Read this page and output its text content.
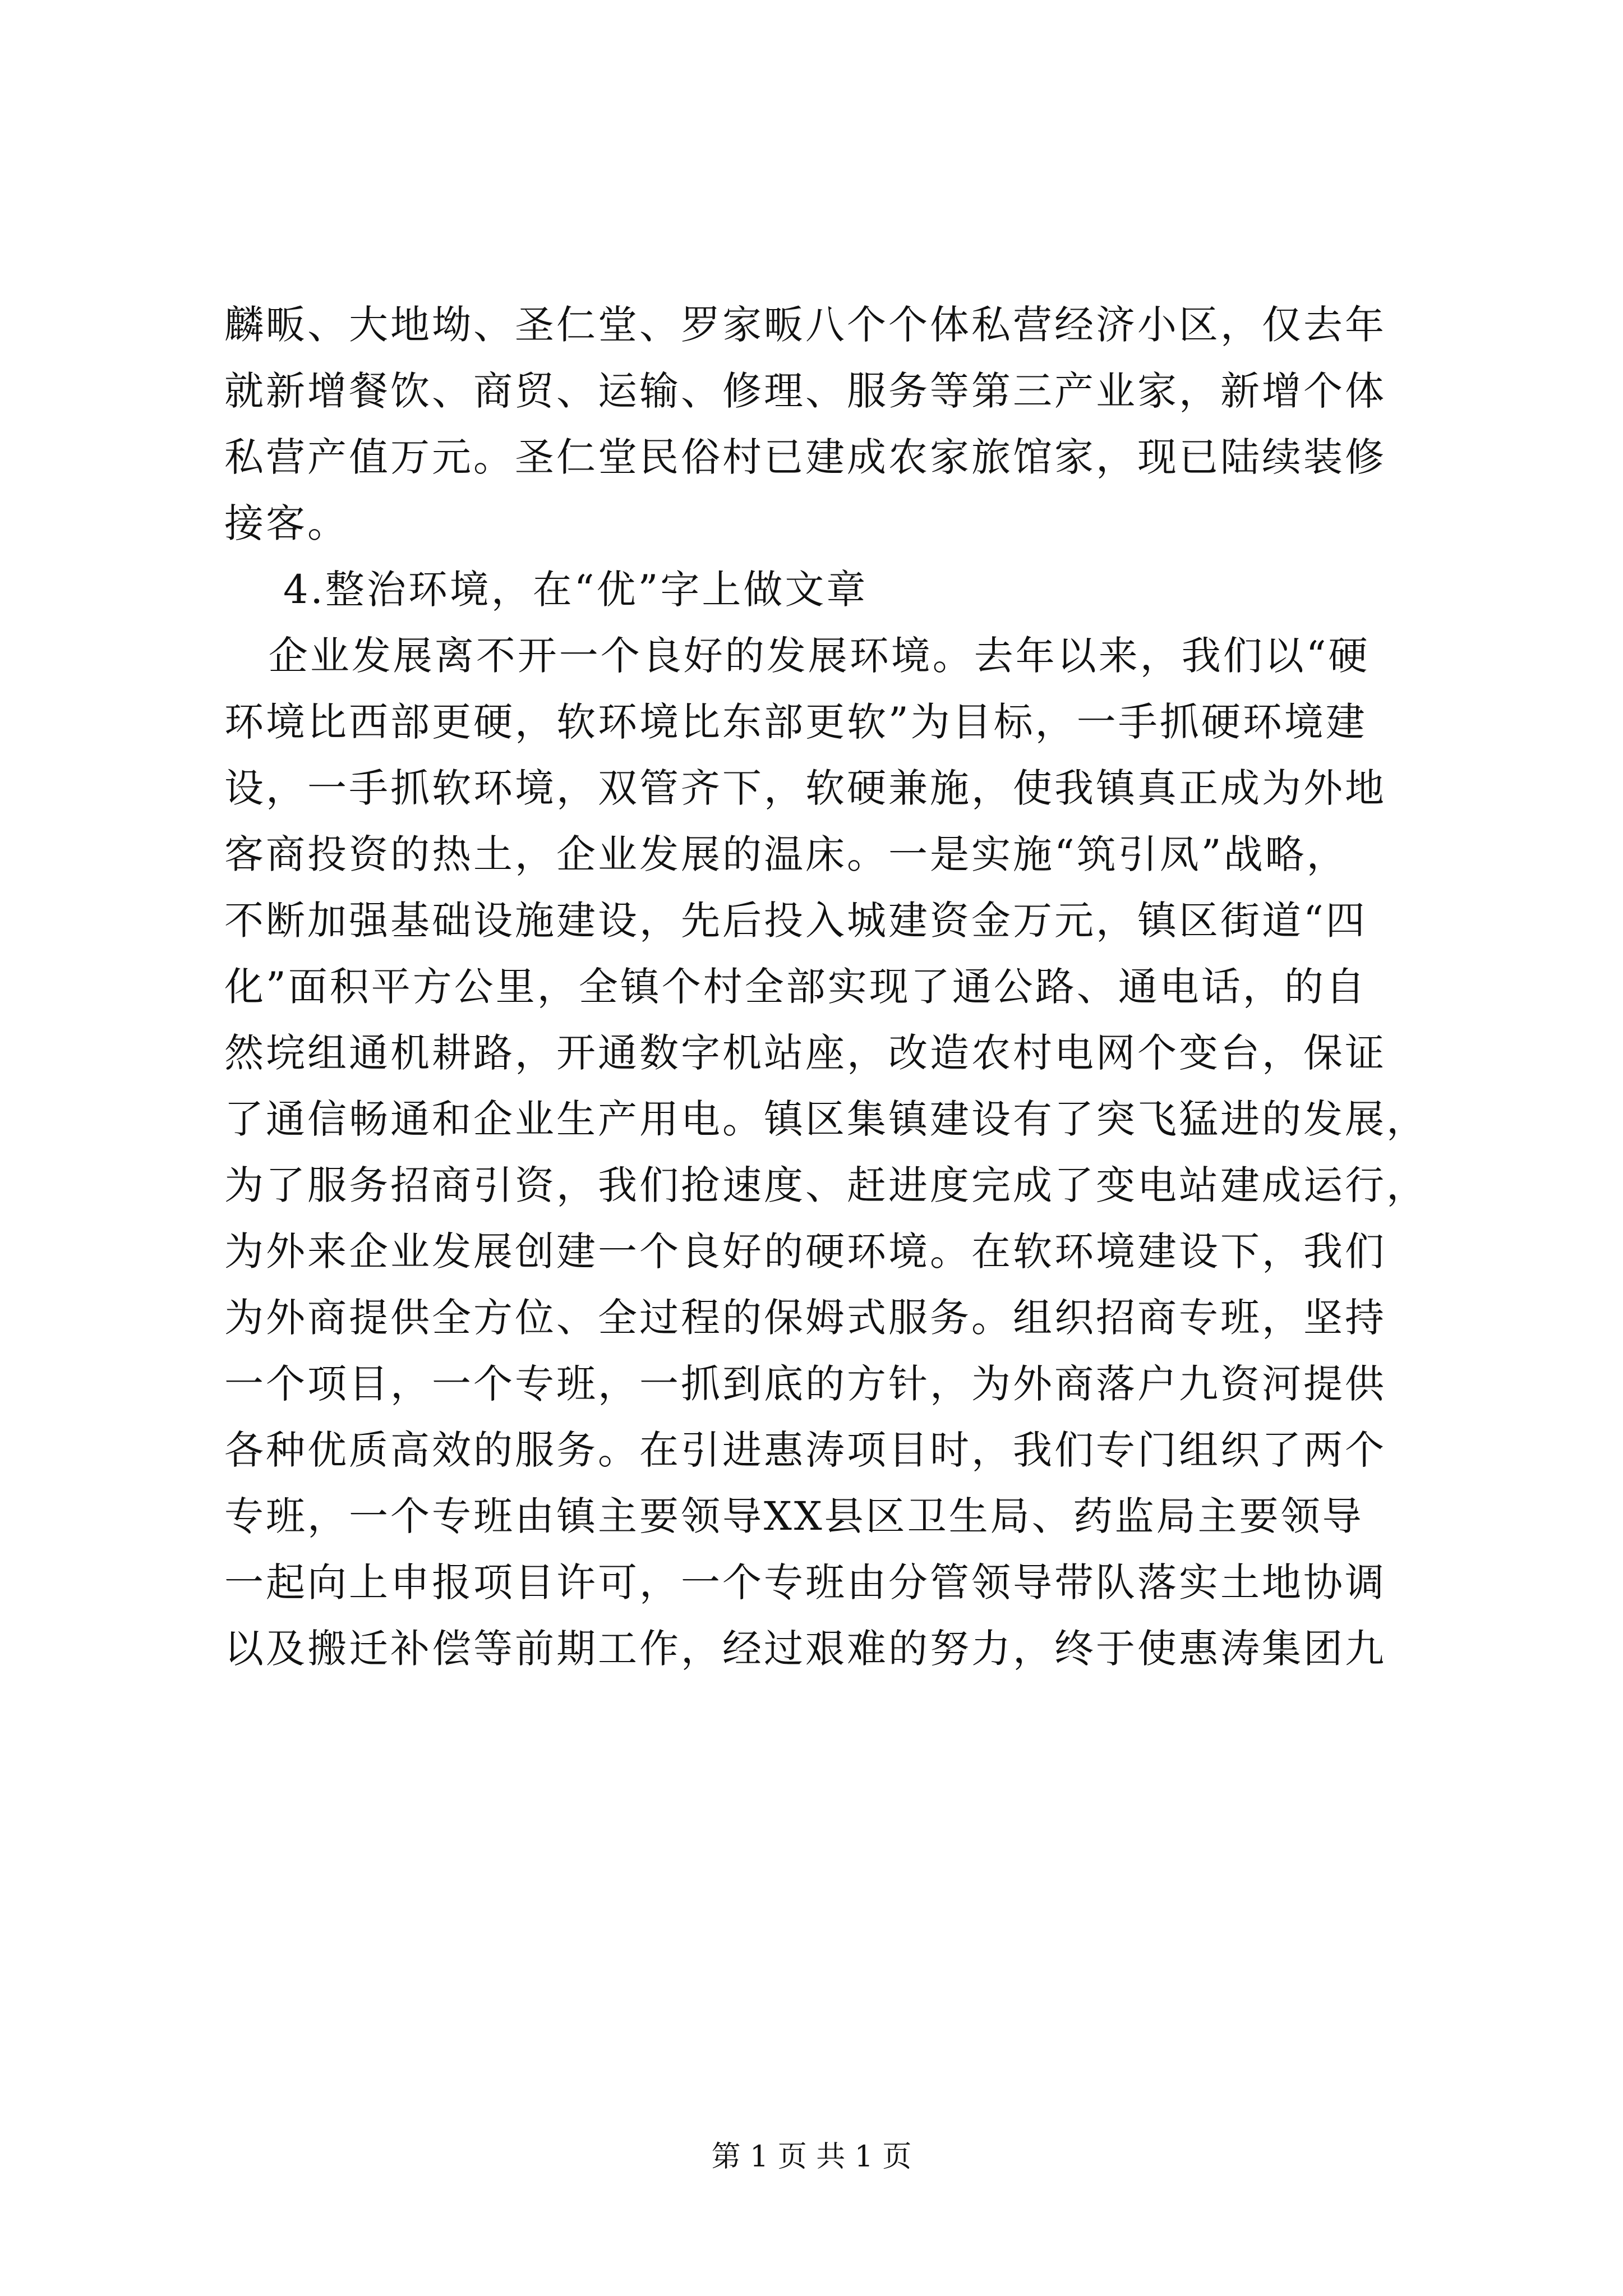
麟畈、大地坳、圣仁堂、罗家畈八个个体私营经济小区，仅去年
就新增餐饮、商贸、运输、修理、服务等第三产业家，新增个体
私营产值万元。圣仁堂民俗村已建成农家旅馆家，现已陆续装修
接客。
4.整治环境，在“优”字上做文章
企业发展离不开一个良好的发展环境。去年以来，我们以“硬
环境比西部更硬，软环境比东部更软”为目标，一手抓硬环境建
设，一手抓软环境，双管齐下，软硬兼施，使我镇真正成为外地
客商投资的热土，企业发展的温床。一是实施“筑引凤”战略，
不断加强基础设施建设，先后投入城建资金万元，镇区街道“四
化”面积平方公里，全镇个村全部实现了通公路、通电话，的自
然垸组通机耕路，开通数字机站座，改造农村电网个变台，保证
了通信畅通和企业生产用电。镇区集镇建设有了突飞猛进的发展，
为了服务招商引资，我们抢速度、赶进度完成了变电站建成运行，
为外来企业发展创建一个良好的硬环境。在软环境建设下，我们
为外商提供全方位、全过程的保姆式服务。组织招商专班，坚持
一个项目，一个专班，一抓到底的方针，为外商落户九资河提供
各种优质高效的服务。在引进惠涛项目时，我们专门组织了两个
专班，一个专班由镇主要领导XX县区卫生局、药监局主要领导
一起向上申报项目许可，一个专班由分管领导带队落实土地协调
以及搬迁补偿等前期工作，经过艰难的努力，终于使惠涛集团九
第 1 页 共 1 页
